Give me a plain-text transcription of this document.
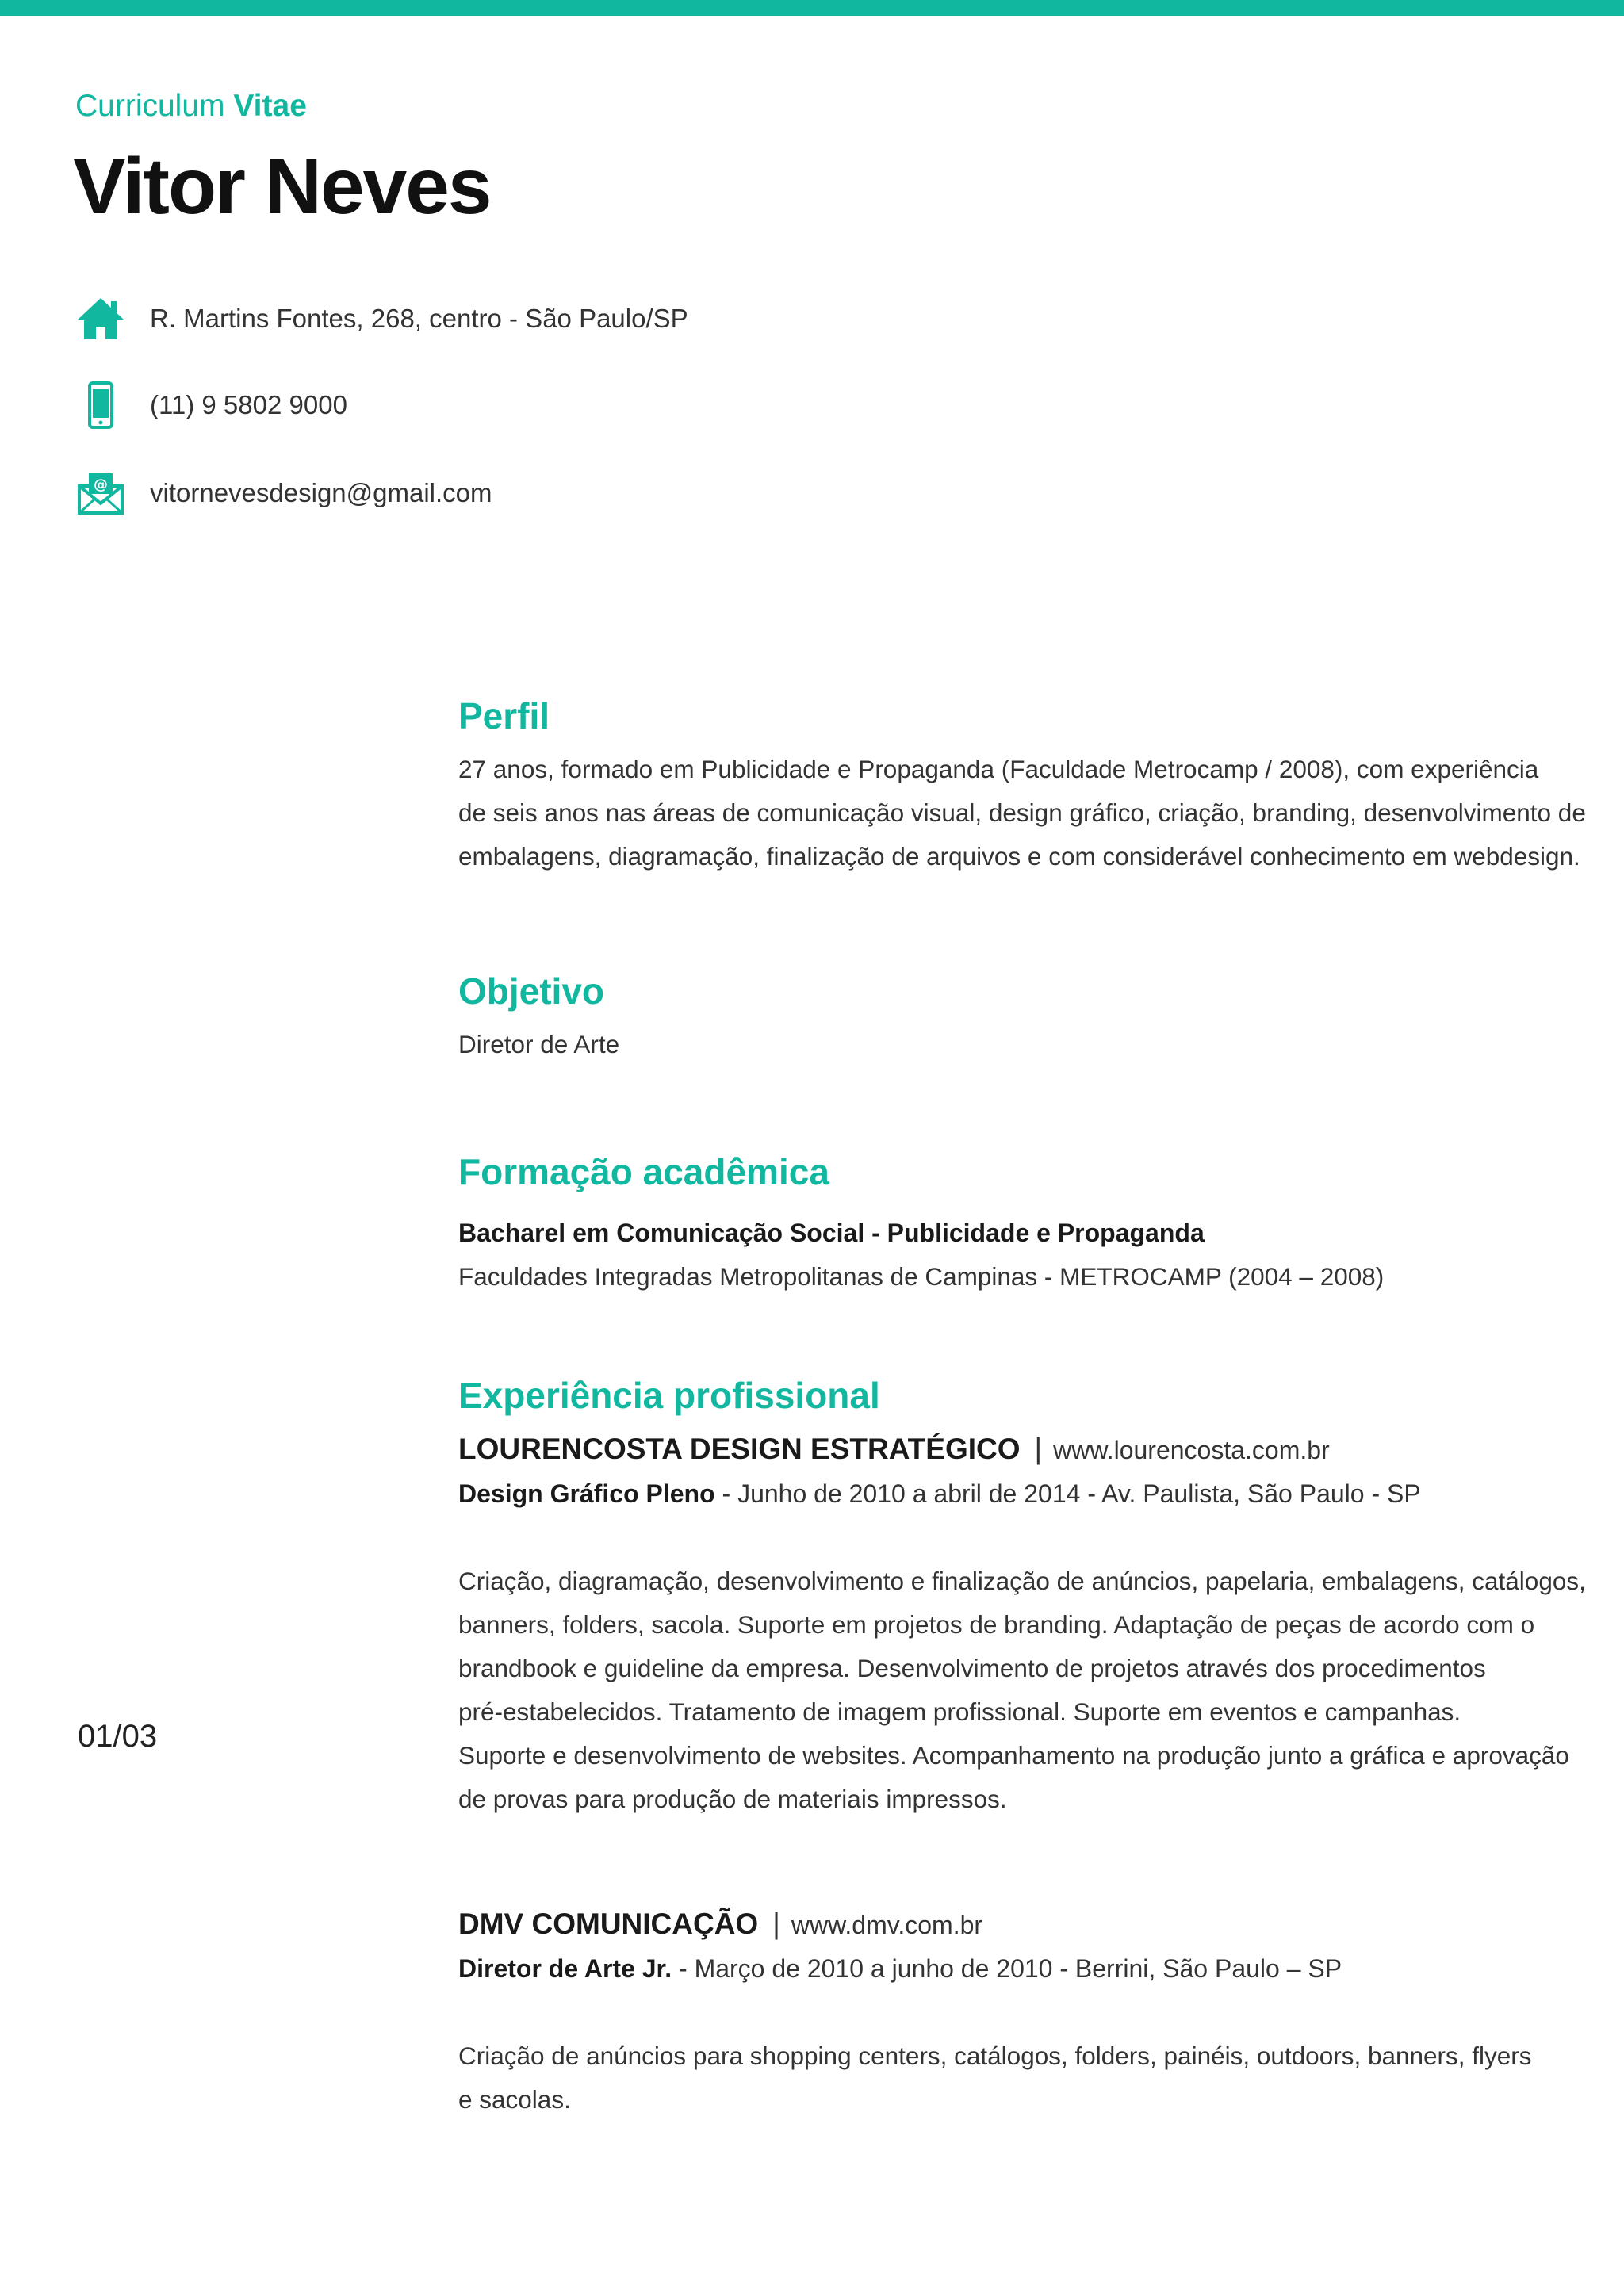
Curriculum Vitae
Vitor Neves
R. Martins Fontes, 268, centro - São Paulo/SP
(11) 9 5802 9000
@ vitornevesdesign@gmail.com
Perfil

27 anos, formado em Publicidade e Propaganda (Faculdade Metrocamp / 2008), com experiência
de seis anos nas áreas de comunicação visual, design gráfico, criação, branding, desenvolvimento de
embalagens, diagramação, finalização de arquivos e com considerável conhecimento em webdesign.

Objetivo

Diretor de Arte

Formação acadêmica
Bacharel em Comunicação Social - Publicidade e Propaganda
Faculdades Integradas Metropolitanas de Campinas - METROCAMP (2004 – 2008)
Experiência profissional
LOURENCOSTA DESIGN ESTRATÉGICO | www.lourencosta.com.br
Design Gráfico Pleno - Junho de 2010 a abril de 2014 - Av. Paulista, São Paulo - SP

Criação, diagramação, desenvolvimento e finalização de anúncios, papelaria, embalagens, catálogos,
banners, folders, sacola. Suporte em projetos de branding. Adaptação de peças de acordo com o
brandbook e guideline da empresa. Desenvolvimento de projetos através dos procedimentos
pré-estabelecidos. Tratamento de imagem profissional. Suporte em eventos e campanhas.
Suporte e desenvolvimento de websites. Acompanhamento na produção junto a gráfica e aprovação
de provas para produção de materiais impressos.

DMV COMUNICAÇÃO | www.dmv.com.br
Diretor de Arte Jr. - Março de 2010 a junho de 2010 - Berrini, São Paulo – SP

Criação de anúncios para shopping centers, catálogos, folders, painéis, outdoors, banners, flyers
e sacolas.

01/03
